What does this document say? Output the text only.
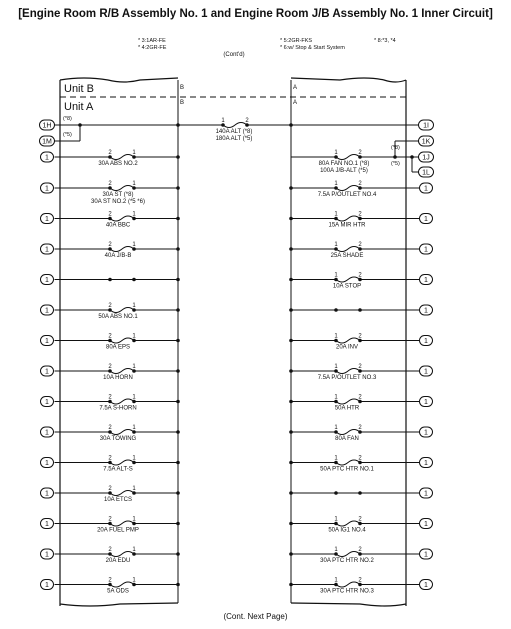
[Engine Room R/B Assembly No. 1 and Engine Room J/B Assembly No. 1 Inner Circuit]
* 3:1AR-FE
* 4:2GR-FE
(Cont'd)
* 5:2GR-FKS
* 6:w/ Stop & Start System
* 8:*3, *4
Unit B
Unit A
B
B
A
A
1H
1M
(*8)
(*5)
1	2
140A ALT (*8)
180A ALT (*5)
1I
1K
1J
1L
(*8)
(*5)
1	2
80A FAN NO.1 (*8)
100A J/B-ALT (*5)
1
2	1
30A ABS NO.2
1
2	1
30A ST (*8)
30A ST NO.2 (*5 *6)
1
2	1
40A BBC
1
2	1
40A J/B-B
1
1
2	1
50A ABS NO.1
1
2	1
80A EPS
1
2	1
10A HORN
1
2	1
7.5A S-HORN
1
2	1
30A TOWING
1
2	1
7.5A ALT-S
1
2	1
10A ETCS
1
2	1
20A FUEL PMP
1
2	1
20A EDU
1
2	1
5A ODS
1
1	2
7.5A P/OUTLET NO.4
1
1	2
15A MIR HTR
1
1	2
25A SHADE
1
1	2
10A STOP
1
1
1	2
20A INV
1
1	2
7.5A P/OUTLET NO.3
1
1	2
50A HTR
1
1	2
80A FAN
1
1	2
50A PTC HTR NO.1
1
1
1	2
50A IG1 NO.4
1
1	2
30A PTC HTR NO.2
1
1	2
30A PTC HTR NO.3
(Cont. Next Page)
